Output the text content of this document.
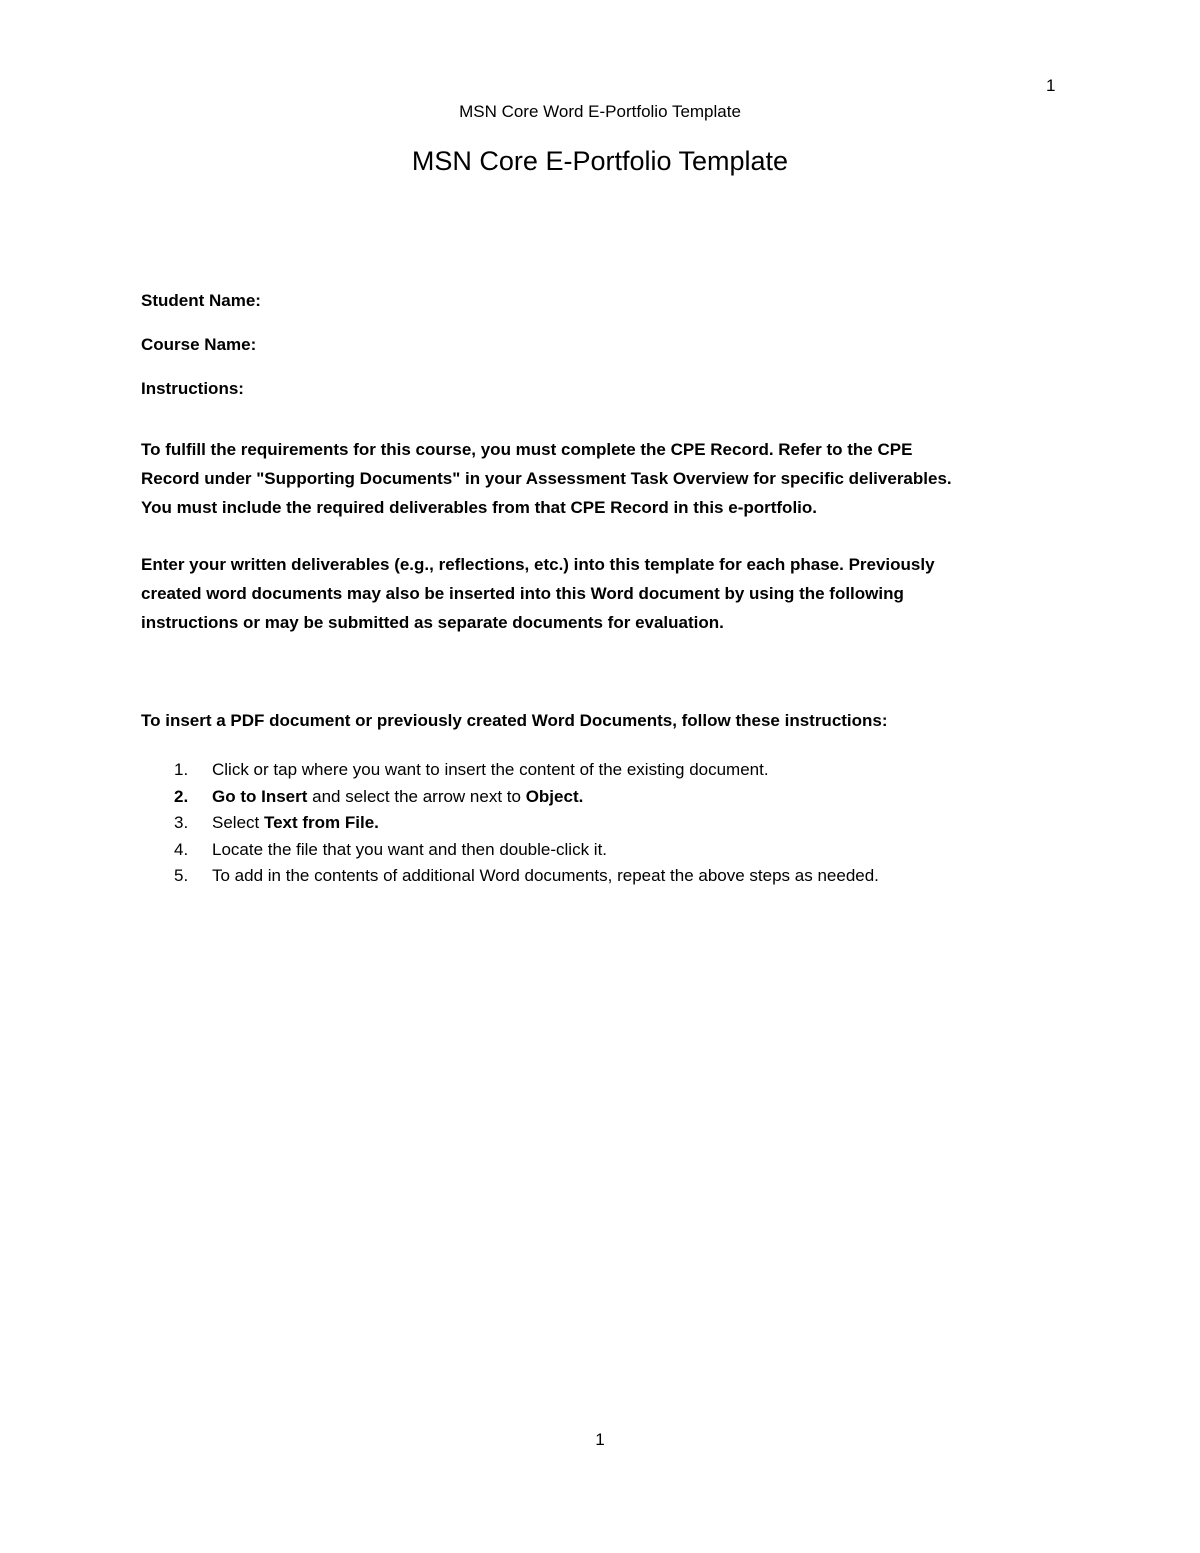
1
MSN Core Word E-Portfolio Template
MSN Core E-Portfolio Template

Student Name:

Course Name:

Instructions:

To fulfill the requirements for this course, you must complete the CPE Record. Refer to the CPE
Record under "Supporting Documents" in your Assessment Task Overview for specific deliverables.
You must include the required deliverables from that CPE Record in this e-portfolio.

Enter your written deliverables (e.g., reflections, etc.) into this template for each phase. Previously
created word documents may also be inserted into this Word document by using the following
instructions or may be submitted as separate documents for evaluation.

To insert a PDF document or previously created Word Documents, follow these instructions:

1. Click or tap where you want to insert the content of the existing document.
2. Go to Insert and select the arrow next to Object.
3. Select Text from File.
4. Locate the file that you want and then double-click it.
5. To add in the contents of additional Word documents, repeat the above steps as needed.
1
